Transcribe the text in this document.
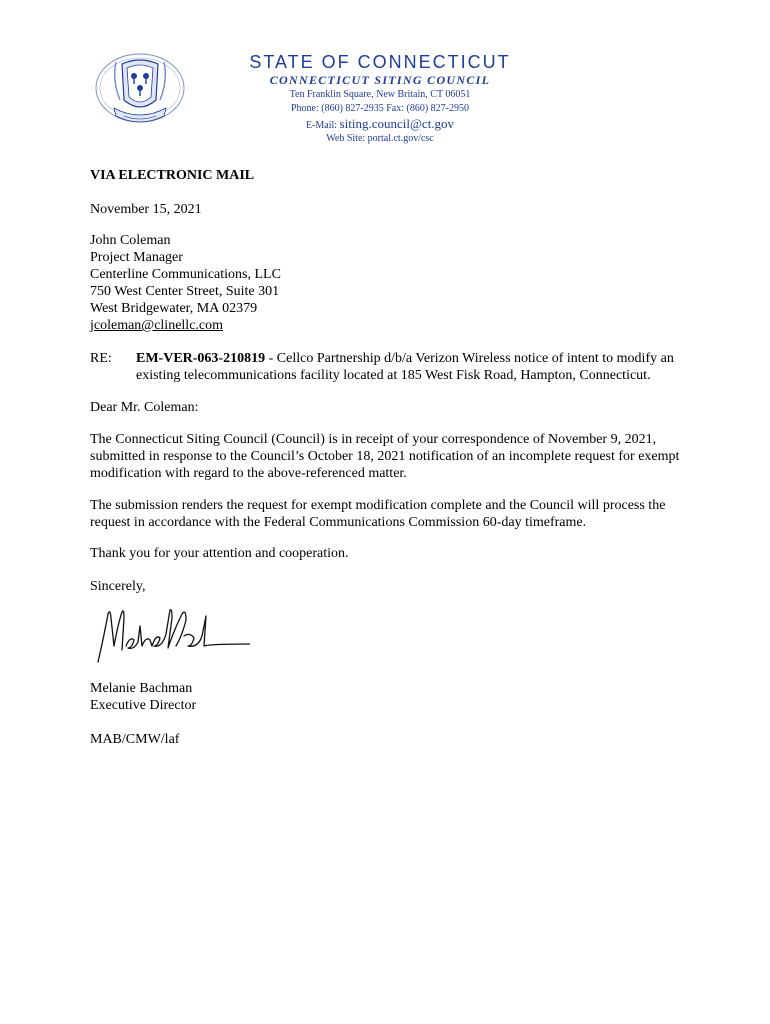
STATE OF CONNECTICUT
CONNECTICUT SITING COUNCIL
Ten Franklin Square, New Britain, CT 06051
Phone: (860) 827-2935 Fax: (860) 827-2950
E-Mail: siting.council@ct.gov
Web Site: portal.ct.gov/csc
VIA ELECTRONIC MAIL
November 15, 2021
John Coleman
Project Manager
Centerline Communications, LLC
750 West Center Street, Suite 301
West Bridgewater, MA 02379
jcoleman@clinellc.com
RE: EM-VER-063-210819 - Cellco Partnership d/b/a Verizon Wireless notice of intent to modify an
existing telecommunications facility located at 185 West Fisk Road, Hampton, Connecticut.
Dear Mr. Coleman:
The Connecticut Siting Council (Council) is in receipt of your correspondence of November 9, 2021,
submitted in response to the Council’s October 18, 2021 notification of an incomplete request for exempt
modification with regard to the above-referenced matter.
The submission renders the request for exempt modification complete and the Council will process the
request in accordance with the Federal Communications Commission 60-day timeframe.
Thank you for your attention and cooperation.
Sincerely,
Melanie Bachman
Executive Director
MAB/CMW/laf
